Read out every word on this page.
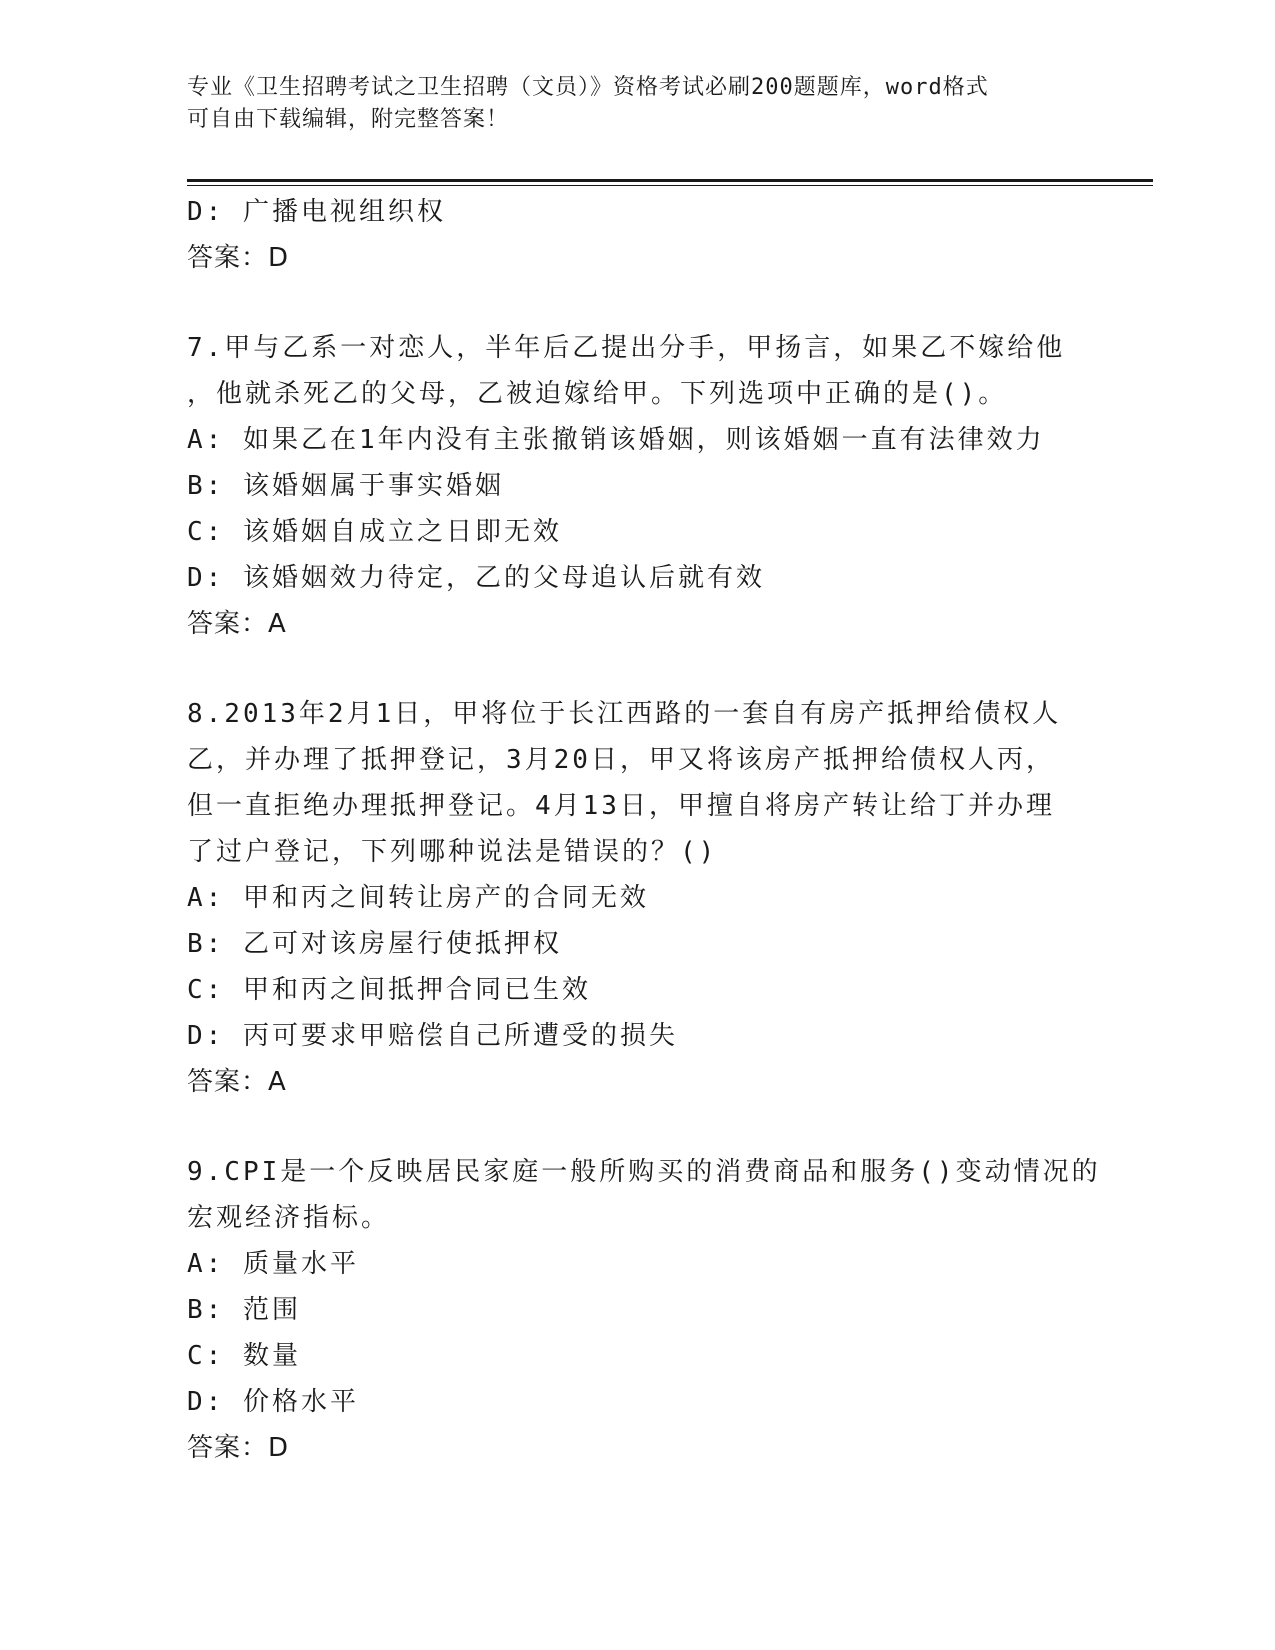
专业《卫生招聘考试之卫生招聘（文员）》资格考试必刷200题题库，word格式
可自由下载编辑，附完整答案！
D: 广播电视组织权
答案：D
7.甲与乙系一对恋人，半年后乙提出分手，甲扬言，如果乙不嫁给他
，他就杀死乙的父母，乙被迫嫁给甲。下列选项中正确的是()。
A: 如果乙在1年内没有主张撤销该婚姻，则该婚姻一直有法律效力
B: 该婚姻属于事实婚姻
C: 该婚姻自成立之日即无效
D: 该婚姻效力待定，乙的父母追认后就有效
答案：A
8.2013年2月1日，甲将位于长江西路的一套自有房产抵押给债权人
乙，并办理了抵押登记，3月20日，甲又将该房产抵押给债权人丙，
但一直拒绝办理抵押登记。4月13日，甲擅自将房产转让给丁并办理
了过户登记，下列哪种说法是错误的？()
A: 甲和丙之间转让房产的合同无效
B: 乙可对该房屋行使抵押权
C: 甲和丙之间抵押合同已生效
D: 丙可要求甲赔偿自己所遭受的损失
答案：A
9.CPI是一个反映居民家庭一般所购买的消费商品和服务()变动情况的
宏观经济指标。
A: 质量水平
B: 范围
C: 数量
D: 价格水平
答案：D
